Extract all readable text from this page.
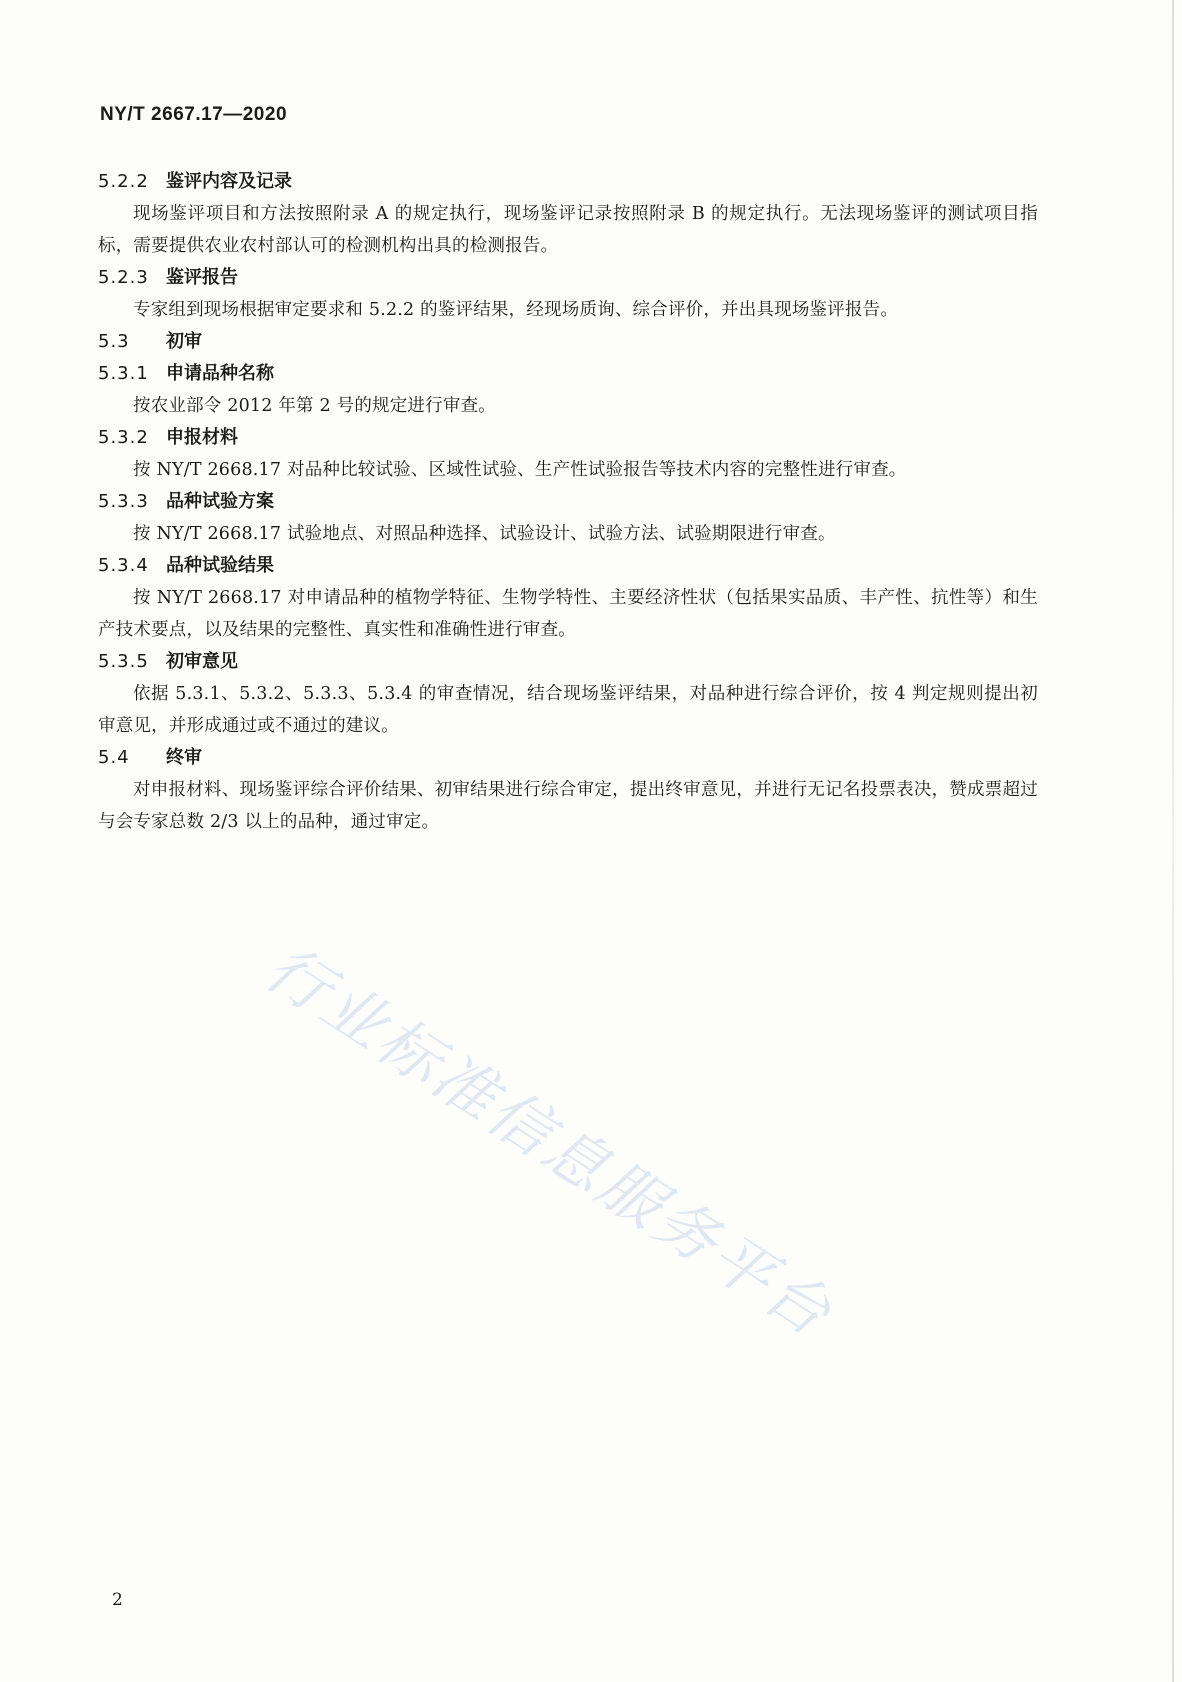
NY/T 2667.17—2020
5.2.2 鉴评内容及记录
现场鉴评项目和方法按照附录 A 的规定执行，现场鉴评记录按照附录 B 的规定执行。无法现场鉴评的测试项目指标，需要提供农业农村部认可的检测机构出具的检测报告。
5.2.3 鉴评报告
专家组到现场根据审定要求和 5.2.2 的鉴评结果，经现场质询、综合评价，并出具现场鉴评报告。
5.3 初审
5.3.1 申请品种名称
按农业部令 2012 年第 2 号的规定进行审查。
5.3.2 申报材料
按 NY/T 2668.17 对品种比较试验、区域性试验、生产性试验报告等技术内容的完整性进行审查。
5.3.3 品种试验方案
按 NY/T 2668.17 试验地点、对照品种选择、试验设计、试验方法、试验期限进行审查。
5.3.4 品种试验结果
按 NY/T 2668.17 对申请品种的植物学特征、生物学特性、主要经济性状（包括果实品质、丰产性、抗性等）和生产技术要点，以及结果的完整性、真实性和准确性进行审查。
5.3.5 初审意见
依据 5.3.1、5.3.2、5.3.3、5.3.4 的审查情况，结合现场鉴评结果，对品种进行综合评价，按 4 判定规则提出初审意见，并形成通过或不通过的建议。
5.4 终审
对申报材料、现场鉴评综合评价结果、初审结果进行综合审定，提出终审意见，并进行无记名投票表决，赞成票超过与会专家总数 2/3 以上的品种，通过审定。
行业标准信息服务平台
2
